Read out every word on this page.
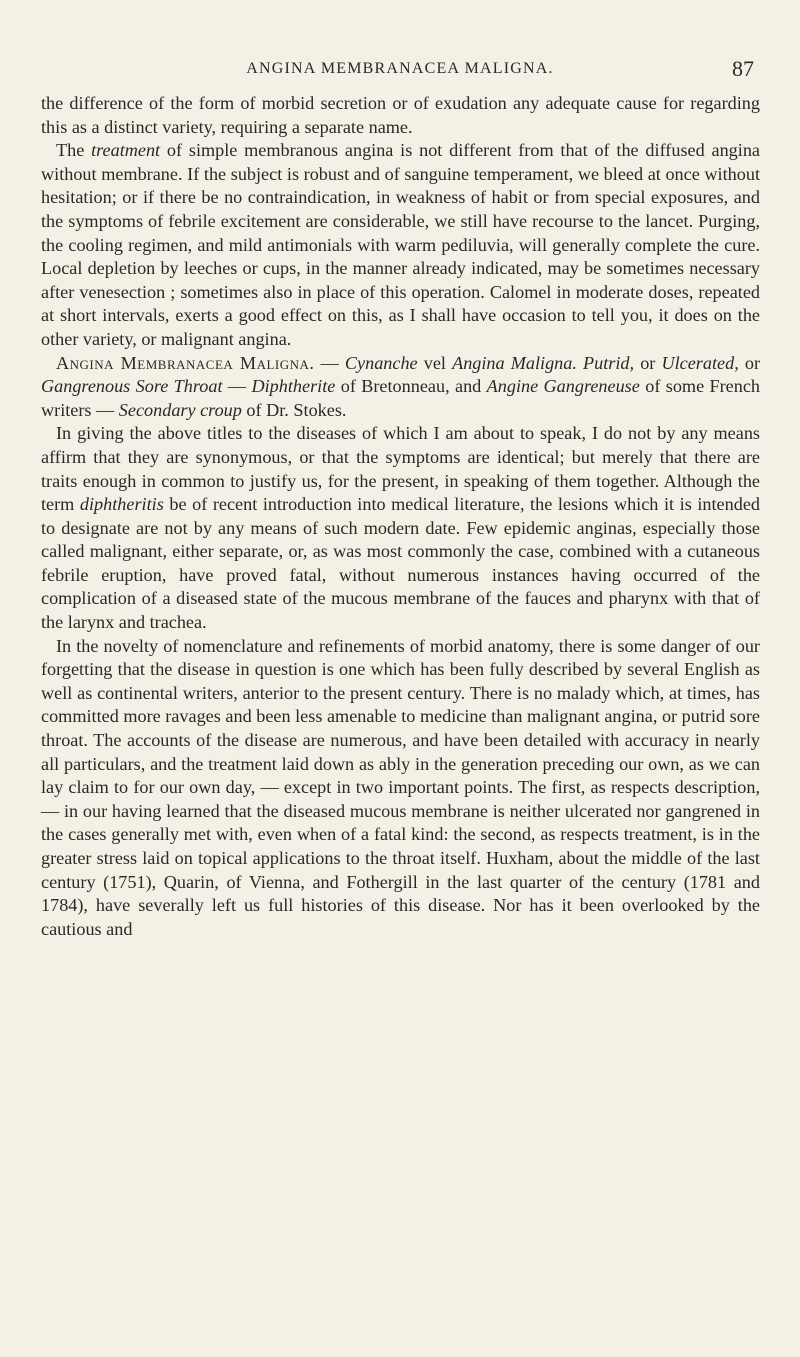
ANGINA MEMBRANACEA MALIGNA.	87

the difference of the form of morbid secretion or of exudation any adequate cause for regarding this as a distinct variety, requiring a separate name.

The treatment of simple membranous angina is not different from that of the diffused angina without membrane. If the subject is robust and of sanguine temperament, we bleed at once without hesitation; or if there be no contraindication, in weakness of habit or from special exposures, and the symptoms of febrile excitement are considerable, we still have recourse to the lancet. Purging, the cooling regimen, and mild antimonials with warm pediluvia, will generally complete the cure. Local depletion by leeches or cups, in the manner already indicated, may be sometimes necessary after venesection ; sometimes also in place of this operation. Calomel in moderate doses, repeated at short intervals, exerts a good effect on this, as I shall have occasion to tell you, it does on the other variety, or malignant angina.

Angina Membranacea Maligna. — Cynanche vel Angina Maligna. Putrid, or Ulcerated, or Gangrenous Sore Throat — Diphtherite of Bretonneau, and Angine Gangreneuse of some French writers — Secondary croup of Dr. Stokes.

In giving the above titles to the diseases of which I am about to speak, I do not by any means affirm that they are synonymous, or that the symptoms are identical; but merely that there are traits enough in common to justify us, for the present, in speaking of them together. Although the term diphtheritis be of recent introduction into medical literature, the lesions which it is intended to designate are not by any means of such modern date. Few epidemic anginas, especially those called malignant, either separate, or, as was most commonly the case, combined with a cutaneous febrile eruption, have proved fatal, without numerous instances having occurred of the complication of a diseased state of the mucous membrane of the fauces and pharynx with that of the larynx and trachea.

In the novelty of nomenclature and refinements of morbid anatomy, there is some danger of our forgetting that the disease in question is one which has been fully described by several English as well as continental writers, anterior to the present century. There is no malady which, at times, has committed more ravages and been less amenable to medicine than malignant angina, or putrid sore throat. The accounts of the disease are numerous, and have been detailed with accuracy in nearly all particulars, and the treatment laid down as ably in the generation preceding our own, as we can lay claim to for our own day, — except in two important points. The first, as respects description, — in our having learned that the diseased mucous membrane is neither ulcerated nor gangrened in the cases generally met with, even when of a fatal kind: the second, as respects treatment, is in the greater stress laid on topical applications to the throat itself. Huxham, about the middle of the last century (1751), Quarin, of Vienna, and Fothergill in the last quarter of the century (1781 and 1784), have severally left us full histories of this disease. Nor has it been overlooked by the cautious and
